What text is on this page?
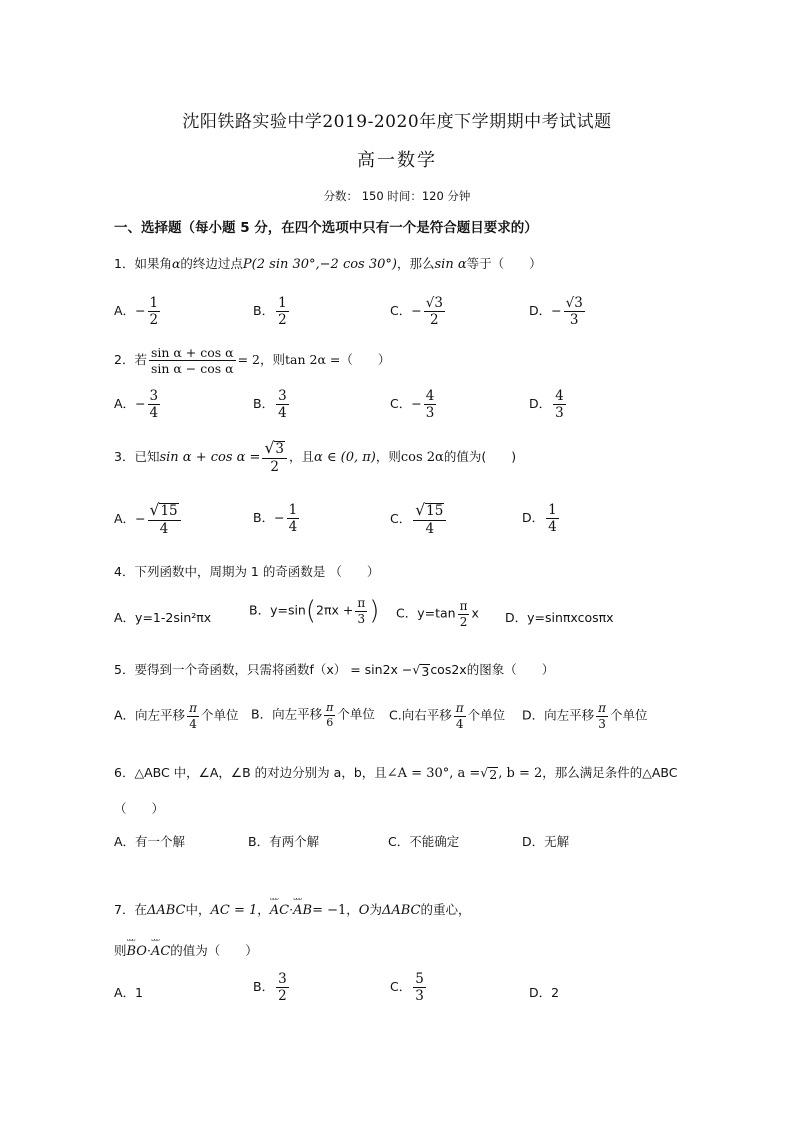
沈阳铁路实验中学2019-2020年度下学期期中考试试题
高一数学
分数： 150 时间：120 分钟
一、选择题（每小题 5 分，在四个选项中只有一个是符合题目要求的）
1．如果角α的终边过点P(2 sin 30°,−2 cos 30°)，那么sin α等于（　　）
A．− $\frac{1}{2}$	B． $\frac{1}{2}$	C．− $\frac{√3}{2}$	D．− $\frac{√3}{3}$
2．若 $\frac{\text{sin α + cos α}}{\text{sin α − cos α}} = 2$，则tan 2α =（　　）
A．− $\frac{3}{4}$	B． $\frac{3}{4}$	C．− $\frac{4}{3}$	D． $\frac{4}{3}$
3．已知$\sin \alpha + \cos \alpha = \frac{√ 3}{2}$ ，且α ∈ (0, π)，则cos 2α的值为(　　)
A．− $\frac{√ 15}{4}$	B．− $\frac{1}{4}$	C． $\frac{√ 15}{4}$	D． $\frac{1}{4}$
4．下列函数中，周期为 1 的奇函数是 （　　）
A．y=1-2sin²πx	B．$y=\sin(2\pi x + \frac{\pi}{3}$ ) C．$y=\tan \frac{\pi}{2}$ x D．y=sinπxcosπx
5．要得到一个奇函数，只需将函数f（x） = sin2x − √ 3 cos2x的图象（　　）
A．向左平移 $\frac{\pi}{4}$ 个单位 B．向左平移 $\frac{\pi}{6}$ 个单位 C.向右平移 $\frac{\pi}{4}$ 个单位 D．向左平移 $\frac{\pi}{3}$ 个单位
6．△ABC 中，∠A，∠B 的对边分别为 a，b，且∠A = 30°, a = √ 2 , b = 2，那么满足条件的△ABC
（　　）
A．有一个解	B．有两个解	C．不能确定	D．无解
7．在ΔABC中，AC = 1，ᴗᴗᴗ AC·ᴗᴗᴗ AB= −1，O为ΔABC的重心，
则ᴗᴗᴗ BO·ᴗᴗᴗ AC的值为（　　）
A．1	B． $\frac{3}{2}$	C． $\frac{5}{3}$	D．2
